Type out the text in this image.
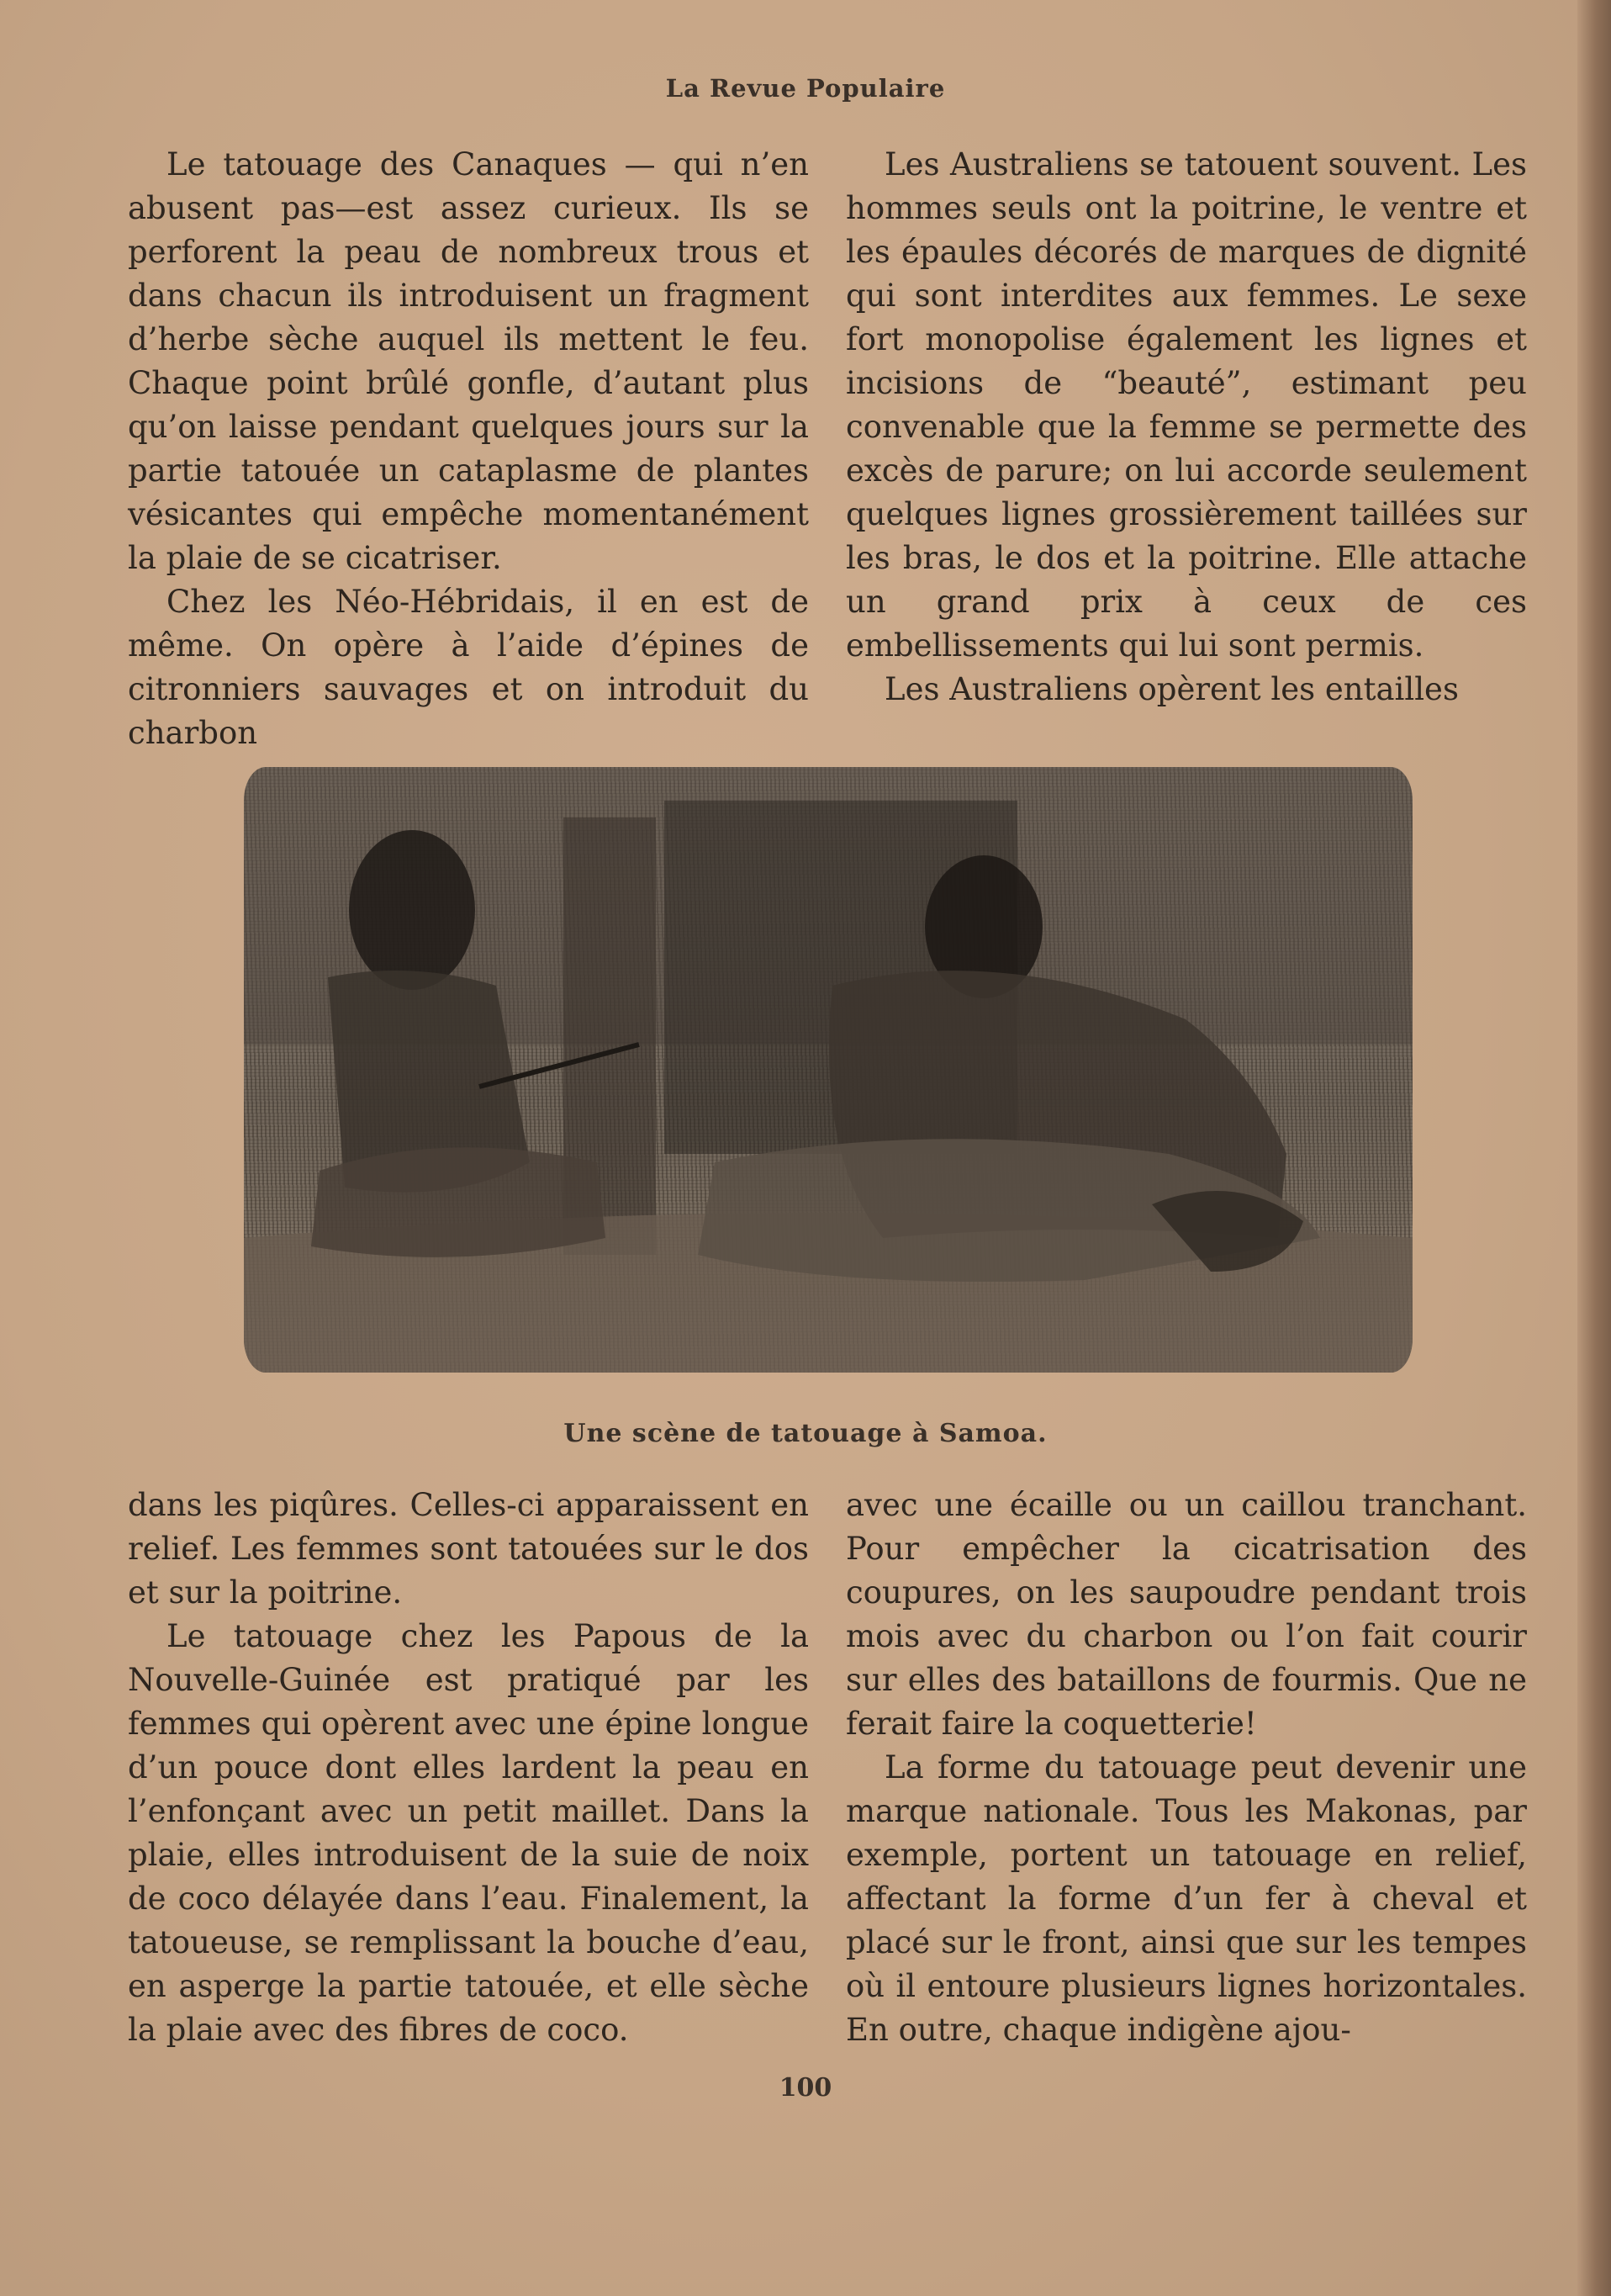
La Revue Populaire

Le tatouage des Canaques — qui n’en abusent pas—est assez curieux. Ils se perforent la peau de nombreux trous et dans chacun ils introduisent un fragment d’herbe sèche auquel ils mettent le feu. Chaque point brûlé gonfle, d’autant plus qu’on laisse pendant quelques jours sur la partie tatouée un cataplasme de plantes vésicantes qui empêche momentanément la plaie de se cicatriser.

Chez les Néo-Hébridais, il en est de même. On opère à l’aide d’épines de citronniers sauvages et on introduit du charbon

Les Australiens se tatouent souvent. Les hommes seuls ont la poitrine, le ventre et les épaules décorés de marques de dignité qui sont interdites aux femmes. Le sexe fort monopolise également les lignes et incisions de “beauté”, estimant peu convenable que la femme se permette des excès de parure; on lui accorde seulement quelques lignes grossièrement taillées sur les bras, le dos et la poitrine. Elle attache un grand prix à ceux de ces embellissements qui lui sont permis.

Les Australiens opèrent les entailles

Une scène de tatouage à Samoa.

dans les piqûres. Celles-ci apparaissent en relief. Les femmes sont tatouées sur le dos et sur la poitrine.

Le tatouage chez les Papous de la Nouvelle-Guinée est pratiqué par les femmes qui opèrent avec une épine longue d’un pouce dont elles lardent la peau en l’enfonçant avec un petit maillet. Dans la plaie, elles introduisent de la suie de noix de coco délayée dans l’eau. Finalement, la tatoueuse, se remplissant la bouche d’eau, en asperge la partie tatouée, et elle sèche la plaie avec des fibres de coco.

avec une écaille ou un caillou tranchant. Pour empêcher la cicatrisation des coupures, on les saupoudre pendant trois mois avec du charbon ou l’on fait courir sur elles des bataillons de fourmis. Que ne ferait faire la coquetterie!

La forme du tatouage peut devenir une marque nationale. Tous les Makonas, par exemple, portent un tatouage en relief, affectant la forme d’un fer à cheval et placé sur le front, ainsi que sur les tempes où il entoure plusieurs lignes horizontales. En outre, chaque indigène ajou-

100
